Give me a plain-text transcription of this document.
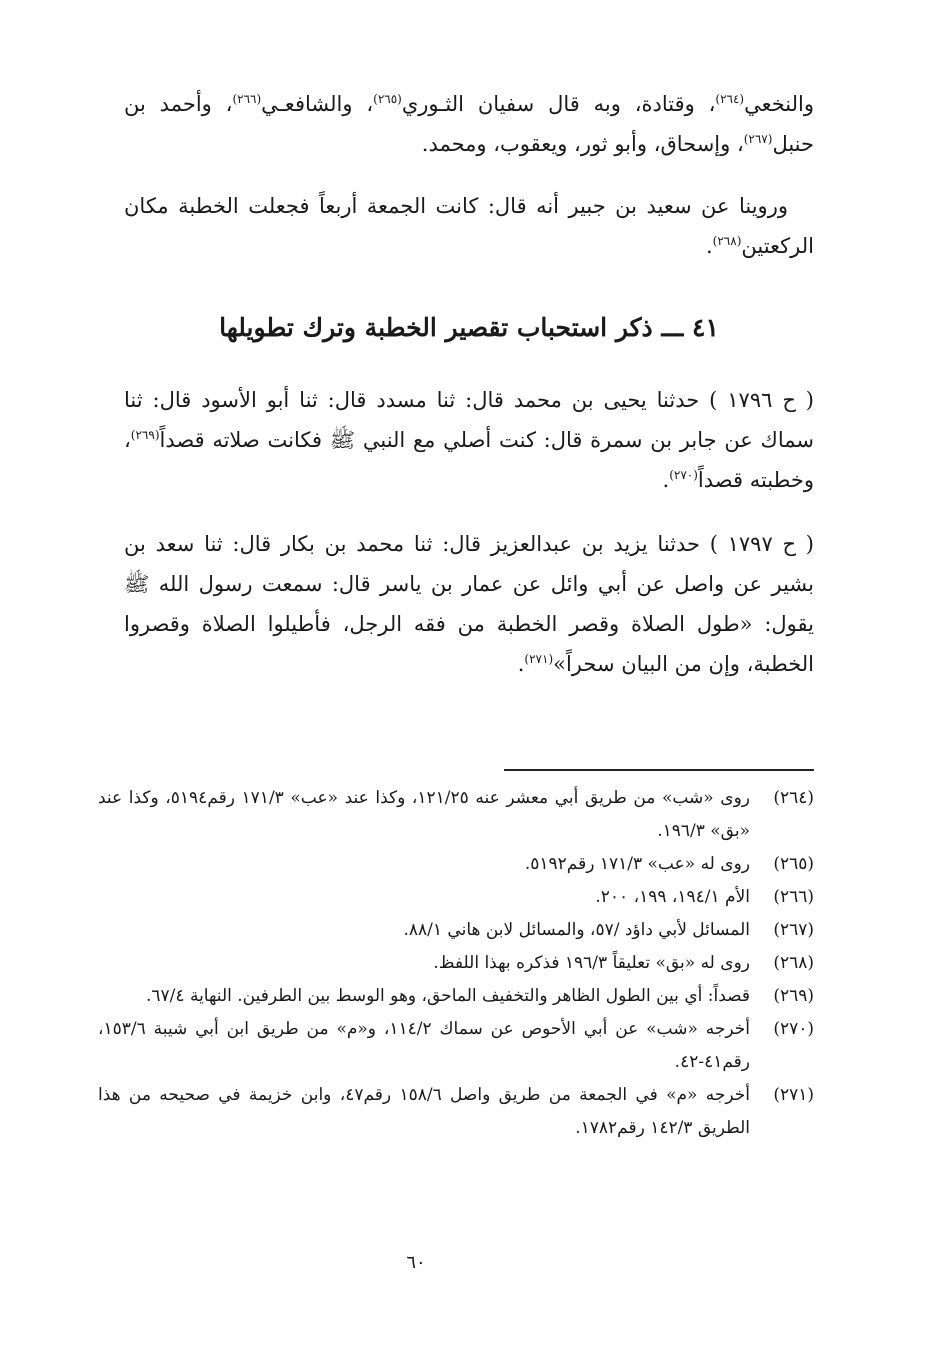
والنخعي$^{(٢٦٤)}$، وقتادة، وبه قال سفيان الثـوري$^{(٢٦٥)}$، والشافعـي$^{(٢٦٦)}$، وأحمد بن حنبل$^{(٢٦٧)}$، وإسحاق، وأبو ثور، ويعقوب، ومحمد.
وروينا عن سعيد بن جبير أنه قال: كانت الجمعة أربعاً فجعلت الخطبة مكان الركعتين$^{(٢٦٨)}$.
٤١ ـــ ذكر استحباب تقصير الخطبة وترك تطويلها
( ح ١٧٩٦ ) حدثنا يحيى بن محمد قال: ثنا مسدد قال: ثنا أبو الأسود قال: ثنا سماك عن جابر بن سمرة قال: كنت أصلي مع النبي ﷺ فكانت صلاته قصداً$^{(٢٦٩)}$، وخطبته قصداً$^{(٢٧٠)}$.
( ح ١٧٩٧ ) حدثنا يزيد بن عبدالعزيز قال: ثنا محمد بن بكار قال: ثنا سعد بن بشير عن واصل عن أبي وائل عن عمار بن ياسر قال: سمعت رسول الله ﷺ يقول: «طول الصلاة وقصر الخطبة من فقه الرجل، فأطيلوا الصلاة وقصروا الخطبة، وإن من البيان سحراً»$^{(٢٧١)}$.
(٢٦٤)
روى «شب» من طريق أبي معشر عنه ١٢١/٢٥، وكذا عند «عب» ١٧١/٣ رقم٥١٩٤، وكذا عند «بق» ١٩٦/٣.
(٢٦٥)
روى له «عب» ١٧١/٣ رقم٥١٩٢.
(٢٦٦)
الأم ١٩٤/١، ١٩٩، ٢٠٠.
(٢٦٧)
المسائل لأبي داؤد /٥٧، والمسائل لابن هاني ٨٨/١.
(٢٦٨)
روى له «بق» تعليقاً ١٩٦/٣ فذكره بهذا اللفظ.
(٢٦٩)
قصداً: أي بين الطول الظاهر والتخفيف الماحق، وهو الوسط بين الطرفين. النهاية ٦٧/٤.
(٢٧٠)
أخرجه «شب» عن أبي الأحوص عن سماك ١١٤/٢، و«م» من طريق ابن أبي شيبة ١٥٣/٦، رقم٤١-٤٢.
(٢٧١)
أخرجه «م» في الجمعة من طريق واصل ١٥٨/٦ رقم٤٧، وابن خزيمة في صحيحه من هذا الطريق ١٤٢/٣ رقم١٧٨٢.
٦٠
